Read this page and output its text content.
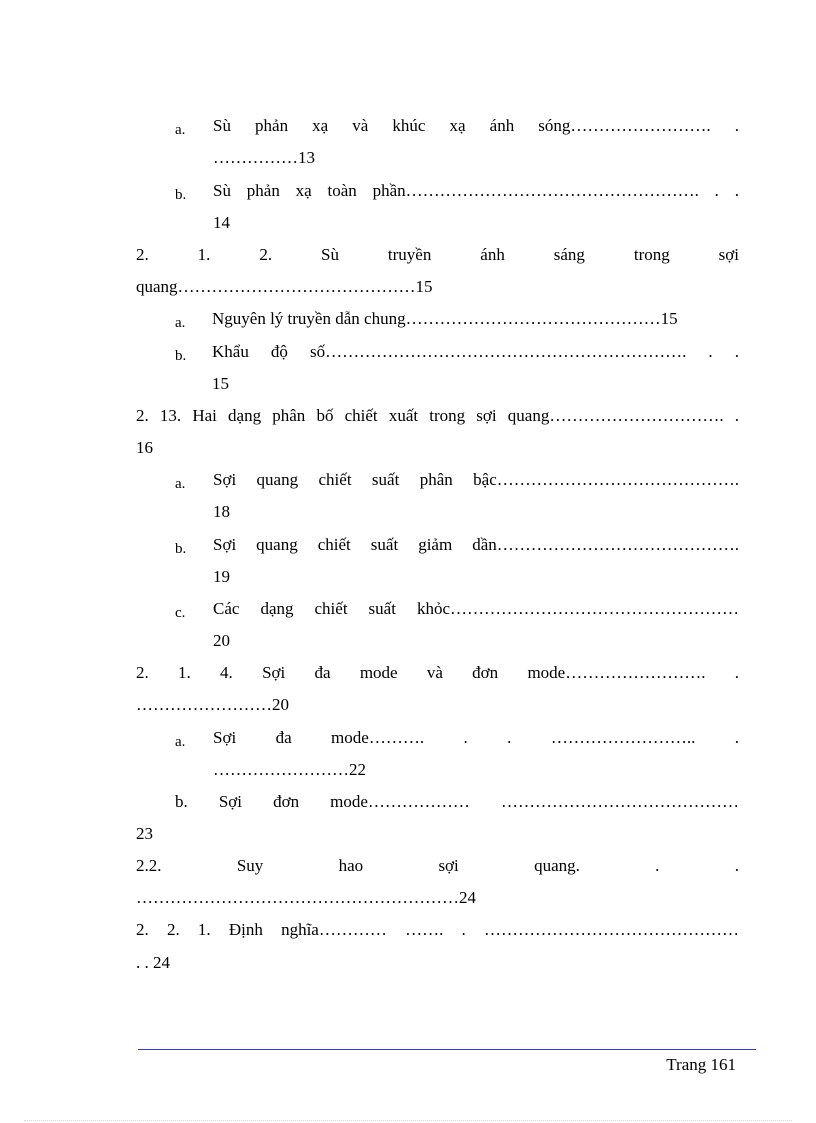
a. Sù phản xạ và khúc xạ ánh sóng……………………. .
……………13
b. Sù phản xạ toàn phần……………………………………………. . .
14
2. 1. 2. Sù truyền ánh sáng trong sợi
quang……………………………………15
a. Nguyên lý truyền dẫn chung………………………………………15
b. Khẩu độ số………………………………………………………. . .
15
2. 13. Hai dạng phân bố chiết xuất trong sợi quang…………………………. .
16
a. Sợi quang chiết suất phân bậc…………………………………….
18
b. Sợi quang chiết suất giảm dần…………………………………….
19
c. Các dạng chiết suất khỏc……………………………………………
20
2. 1. 4. Sợi đa mode và đơn mode……………………. .
……………………20
a. Sợi đa mode………. . . …………………….. .
……………………22
b. Sợi đơn mode……………… ……………………………………
23
2.2. Suy hao sợi quang. . .
…………………………………………………24
2. 2. 1. Định nghĩa………… ……. . ………………………………………
. . 24
Trang 161
